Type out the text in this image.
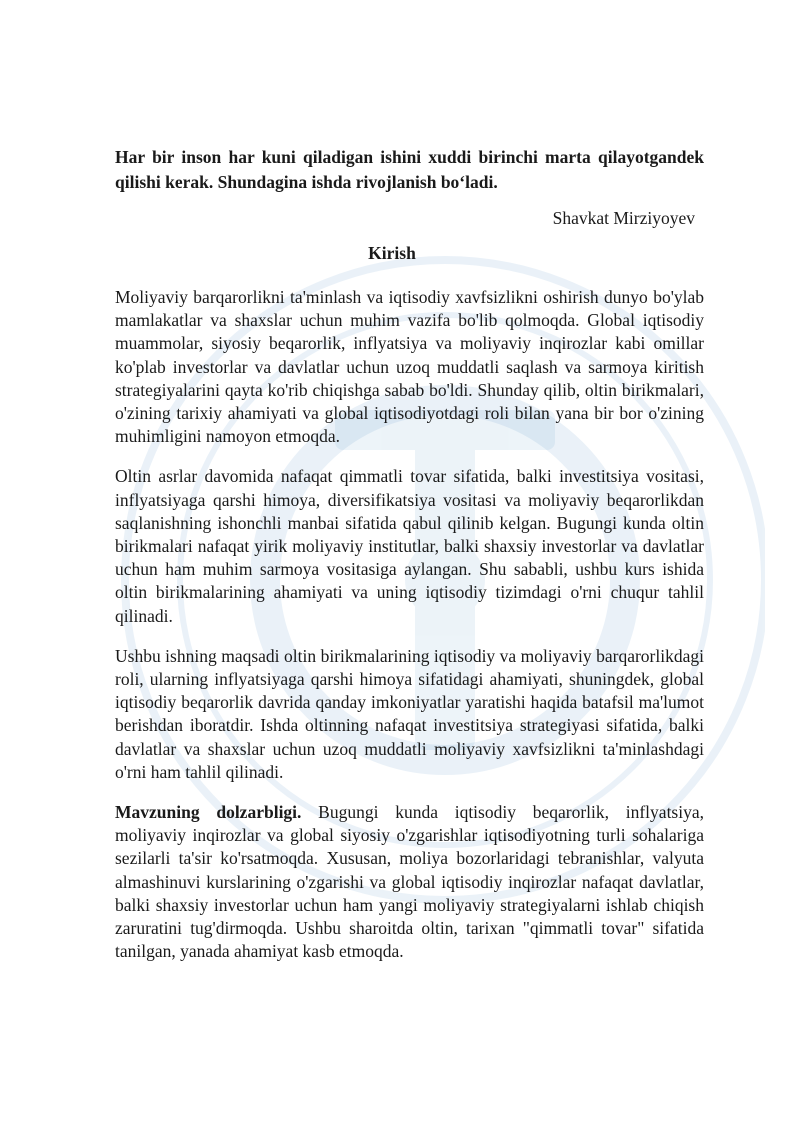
Har bir inson har kuni qiladigan ishini xuddi birinchi marta qilayotgandek qilishi kerak. Shundagina ishda rivojlanish bo‘ladi.
Shavkat Mirziyoyev
Kirish

Moliyaviy barqarorlikni ta'minlash va iqtisodiy xavfsizlikni oshirish dunyo bo'ylab mamlakatlar va shaxslar uchun muhim vazifa bo'lib qolmoqda. Global iqtisodiy muammolar, siyosiy beqarorlik, inflyatsiya va moliyaviy inqirozlar kabi omillar ko'plab investorlar va davlatlar uchun uzoq muddatli saqlash va sarmoya kiritish strategiyalarini qayta ko'rib chiqishga sabab bo'ldi. Shunday qilib, oltin birikmalari, o'zining tarixiy ahamiyati va global iqtisodiyotdagi roli bilan yana bir bor o'zining muhimligini namoyon etmoqda.

Oltin asrlar davomida nafaqat qimmatli tovar sifatida, balki investitsiya vositasi, inflyatsiyaga qarshi himoya, diversifikatsiya vositasi va moliyaviy beqarorlikdan saqlanishning ishonchli manbai sifatida qabul qilinib kelgan. Bugungi kunda oltin birikmalari nafaqat yirik moliyaviy institutlar, balki shaxsiy investorlar va davlatlar uchun ham muhim sarmoya vositasiga aylangan. Shu sababli, ushbu kurs ishida oltin birikmalarining ahamiyati va uning iqtisodiy tizimdagi o'rni chuqur tahlil qilinadi.

Ushbu ishning maqsadi oltin birikmalarining iqtisodiy va moliyaviy barqarorlikdagi roli, ularning inflyatsiyaga qarshi himoya sifatidagi ahamiyati, shuningdek, global iqtisodiy beqarorlik davrida qanday imkoniyatlar yaratishi haqida batafsil ma'lumot berishdan iboratdir. Ishda oltinning nafaqat investitsiya strategiyasi sifatida, balki davlatlar va shaxslar uchun uzoq muddatli moliyaviy xavfsizlikni ta'minlashdagi o'rni ham tahlil qilinadi.

Mavzuning dolzarbligi. Bugungi kunda iqtisodiy beqarorlik, inflyatsiya, moliyaviy inqirozlar va global siyosiy o'zgarishlar iqtisodiyotning turli sohalariga sezilarli ta'sir ko'rsatmoqda. Xususan, moliya bozorlaridagi tebranishlar, valyuta almashinuvi kurslarining o'zgarishi va global iqtisodiy inqirozlar nafaqat davlatlar, balki shaxsiy investorlar uchun ham yangi moliyaviy strategiyalarni ishlab chiqish zaruratini tug'dirmoqda. Ushbu sharoitda oltin, tarixan "qimmatli tovar" sifatida tanilgan, yanada ahamiyat kasb etmoqda.
